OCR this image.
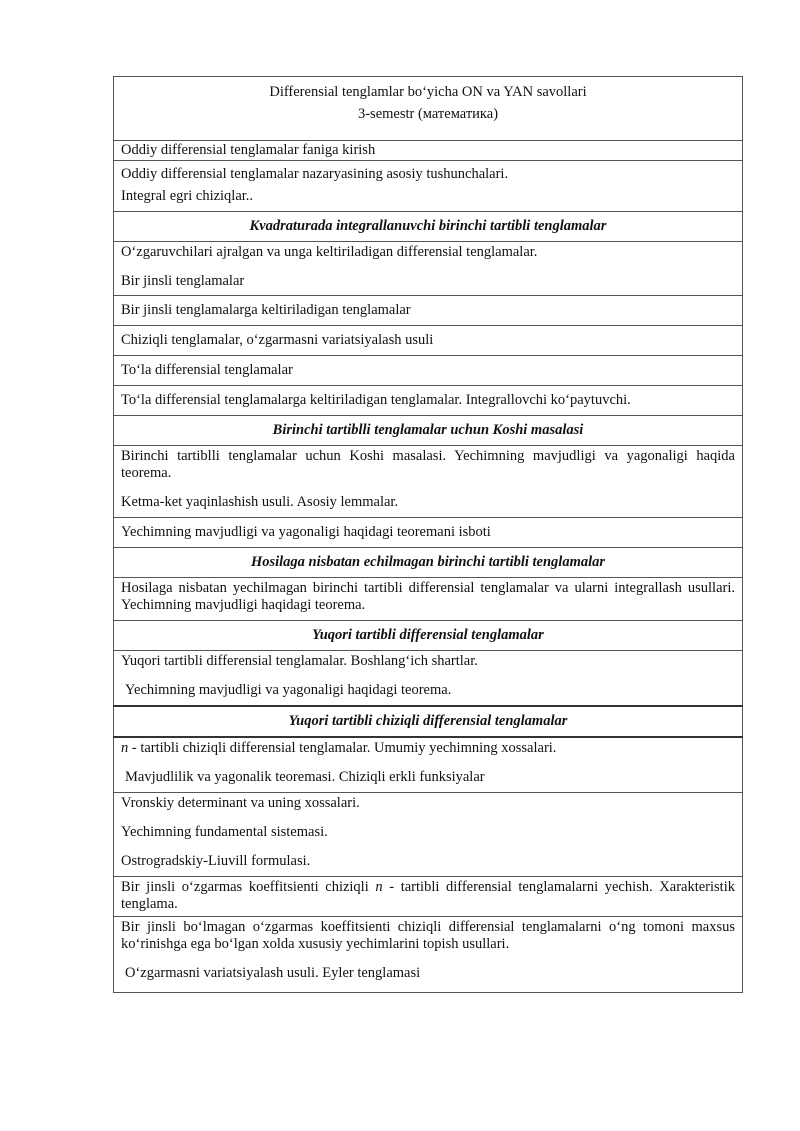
Differensial tenglamlar boʻyicha ON va YAN savollari
3-semestr (математика)

Oddiy differensial tenglamalar faniga kirish

Oddiy differensial tenglamalar nazaryasining asosiy tushunchalari.

Integral egri chiziqlar..

Kvadraturada integrallanuvchi birinchi tartibli tenglamalar

Oʻzgaruvchilari ajralgan va unga keltiriladigan differensial tenglamalar.

Bir jinsli tenglamalar

Bir jinsli tenglamalarga keltiriladigan tenglamalar

Chiziqli tenglamalar, oʻzgarmasni variatsiyalash usuli

Toʻla differensial tenglamalar

Toʻla differensial tenglamalarga keltiriladigan tenglamalar. Integrallovchi koʻpaytuvchi.

Birinchi tartiblli tenglamalar uchun Koshi masalasi

Birinchi tartiblli tenglamalar uchun Koshi masalasi. Yechimning mavjudligi va yagonaligi haqida teorema.

Ketma-ket yaqinlashish usuli. Asosiy lemmalar.

Yechimning mavjudligi va yagonaligi haqidagi teoremani isboti

Hosilaga nisbatan echilmagan birinchi tartibli tenglamalar

Hosilaga nisbatan yechilmagan birinchi tartibli differensial tenglamalar va ularni integrallash usullari. Yechimning mavjudligi haqidagi teorema.

Yuqori tartibli differensial tenglamalar

Yuqori tartibli differensial tenglamalar. Boshlangʻich shartlar.

Yechimning mavjudligi va yagonaligi haqidagi teorema.

Yuqori tartibli chiziqli differensial tenglamalar

n - tartibli chiziqli differensial tenglamalar. Umumiy yechimning xossalari.

Mavjudlilik va yagonalik teoremasi. Chiziqli erkli funksiyalar

Vronskiy determinant va uning xossalari.

Yechimning fundamental sistemasi.

Ostrogradskiy-Liuvill formulasi.

Bir jinsli oʻzgarmas koeffitsienti chiziqli n - tartibli differensial tenglamalarni yechish. Xarakteristik tenglama.

Bir jinsli boʻlmagan oʻzgarmas koeffitsienti chiziqli differensial tenglamalarni oʻng tomoni maxsus koʻrinishga ega boʻlgan xolda xususiy yechimlarini topish usullari.

Oʻzgarmasni variatsiyalash usuli. Eyler tenglamasi
